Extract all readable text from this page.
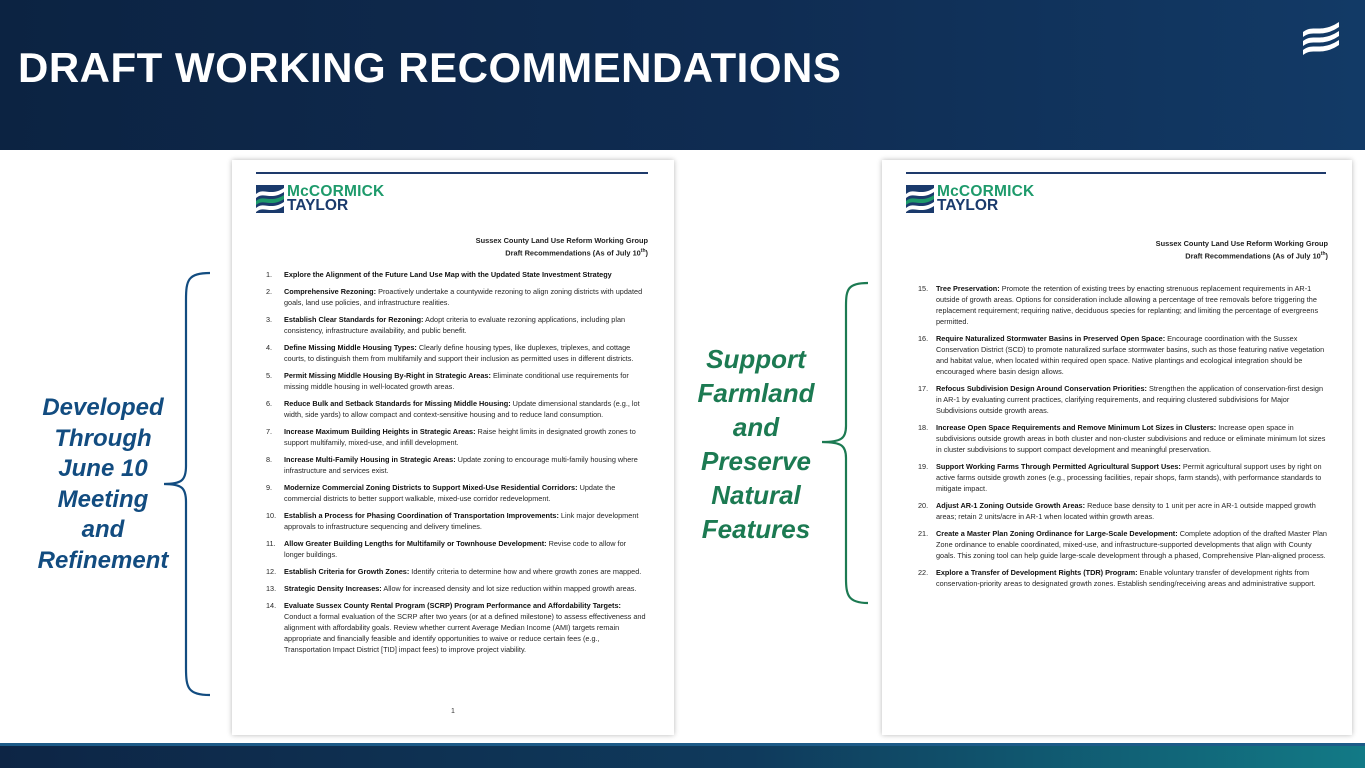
DRAFT WORKING RECOMMENDATIONS
Developed
Through
June 10
Meeting
and
Refinement
Support
Farmland
and
Preserve
Natural
Features
McCORMICK
TAYLOR
Sussex County Land Use Reform Working Group
Draft Recommendations (As of July 10th)
1. Explore the Alignment of the Future Land Use Map with the Updated State Investment Strategy
2. Comprehensive Rezoning: Proactively undertake a countywide rezoning to align zoning districts with updated goals, land use policies, and infrastructure realities.
3. Establish Clear Standards for Rezoning: Adopt criteria to evaluate rezoning applications, including plan consistency, infrastructure availability, and public benefit.
4. Define Missing Middle Housing Types: Clearly define housing types, like duplexes, triplexes, and cottage courts, to distinguish them from multifamily and support their inclusion as permitted uses in different districts.
5. Permit Missing Middle Housing By-Right in Strategic Areas: Eliminate conditional use requirements for missing middle housing in well-located growth areas.
6. Reduce Bulk and Setback Standards for Missing Middle Housing: Update dimensional standards (e.g., lot width, side yards) to allow compact and context-sensitive housing and to reduce land consumption.
7. Increase Maximum Building Heights in Strategic Areas: Raise height limits in designated growth zones to support multifamily, mixed-use, and infill development.
8. Increase Multi-Family Housing in Strategic Areas: Update zoning to encourage multi-family housing where infrastructure and services exist.
9. Modernize Commercial Zoning Districts to Support Mixed-Use Residential Corridors: Update the commercial districts to better support walkable, mixed-use corridor redevelopment.
10. Establish a Process for Phasing Coordination of Transportation Improvements: Link major development approvals to infrastructure sequencing and delivery timelines.
11. Allow Greater Building Lengths for Multifamily or Townhouse Development: Revise code to allow for longer buildings.
12. Establish Criteria for Growth Zones: Identify criteria to determine how and where growth zones are mapped.
13. Strategic Density Increases: Allow for increased density and lot size reduction within mapped growth areas.
14. Evaluate Sussex County Rental Program (SCRP) Program Performance and Affordability Targets: Conduct a formal evaluation of the SCRP after two years (or at a defined milestone) to assess effectiveness and alignment with affordability goals. Review whether current Average Median Income (AMI) targets remain appropriate and financially feasible and identify opportunities to waive or reduce certain fees (e.g., Transportation Impact District [TID] impact fees) to improve project viability.
1
McCORMICK
TAYLOR
Sussex County Land Use Reform Working Group
Draft Recommendations (As of July 10th)
15. Tree Preservation: Promote the retention of existing trees by enacting strenuous replacement requirements in AR-1 outside of growth areas. Options for consideration include allowing a percentage of tree removals before triggering the replacement requirement; requiring native, deciduous species for replanting; and limiting the percentage of evergreens permitted.
16. Require Naturalized Stormwater Basins in Preserved Open Space: Encourage coordination with the Sussex Conservation District (SCD) to promote naturalized surface stormwater basins, such as those featuring native vegetation and habitat value, when located within required open space. Native plantings and ecological integration should be encouraged where basin design allows.
17. Refocus Subdivision Design Around Conservation Priorities: Strengthen the application of conservation-first design in AR-1 by evaluating current practices, clarifying requirements, and requiring clustered subdivisions for Major Subdivisions outside growth areas.
18. Increase Open Space Requirements and Remove Minimum Lot Sizes in Clusters: Increase open space in subdivisions outside growth areas in both cluster and non-cluster subdivisions and reduce or eliminate minimum lot sizes in cluster subdivisions to support compact development and meaningful preservation.
19. Support Working Farms Through Permitted Agricultural Support Uses: Permit agricultural support uses by right on active farms outside growth zones (e.g., processing facilities, repair shops, farm stands), with performance standards to mitigate impact.
20. Adjust AR-1 Zoning Outside Growth Areas: Reduce base density to 1 unit per acre in AR-1 outside mapped growth areas; retain 2 units/acre in AR-1 when located within growth areas.
21. Create a Master Plan Zoning Ordinance for Large-Scale Development: Complete adoption of the drafted Master Plan Zone ordinance to enable coordinated, mixed-use, and infrastructure-supported developments that align with County goals. This zoning tool can help guide large-scale development through a phased, Comprehensive Plan-aligned process.
22. Explore a Transfer of Development Rights (TDR) Program: Enable voluntary transfer of development rights from conservation-priority areas to designated growth zones. Establish sending/receiving areas and administrative support.
